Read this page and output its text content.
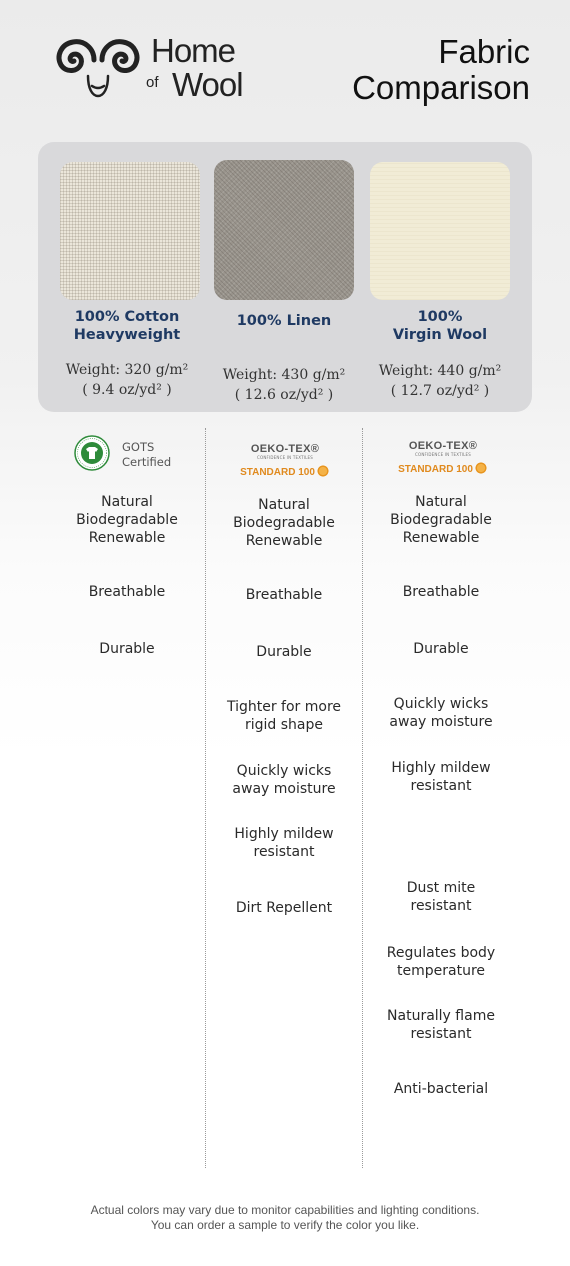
Home
of Wool
Fabric
Comparison
100% Cotton
Heavyweight
100% Linen	100%
Virgin Wool
Weight: 320 g/m²
( 9.4 oz/yd² )
Weight: 430 g/m²
( 12.6 oz/yd² )
Weight: 440 g/m²
( 12.7 oz/yd² )
GOTS
Certified
OEKO-TEX®
CONFIDENCE IN TEXTILES
STANDARD 100
OEKO-TEX®
CONFIDENCE IN TEXTILES
STANDARD 100
Natural
Biodegradable
Renewable
Breathable
Durable
Natural
Biodegradable
Renewable
Breathable
Durable
Tighter for more
rigid shape
Quickly wicks
away moisture
Highly mildew
resistant
Dirt Repellent
Natural
Biodegradable
Renewable
Breathable
Durable
Quickly wicks
away moisture
Highly mildew
resistant
Dust mite
resistant
Regulates body
temperature
Naturally flame
resistant
Anti-bacterial
Actual colors may vary due to monitor capabilities and lighting conditions.
You can order a sample to verify the color you like.
